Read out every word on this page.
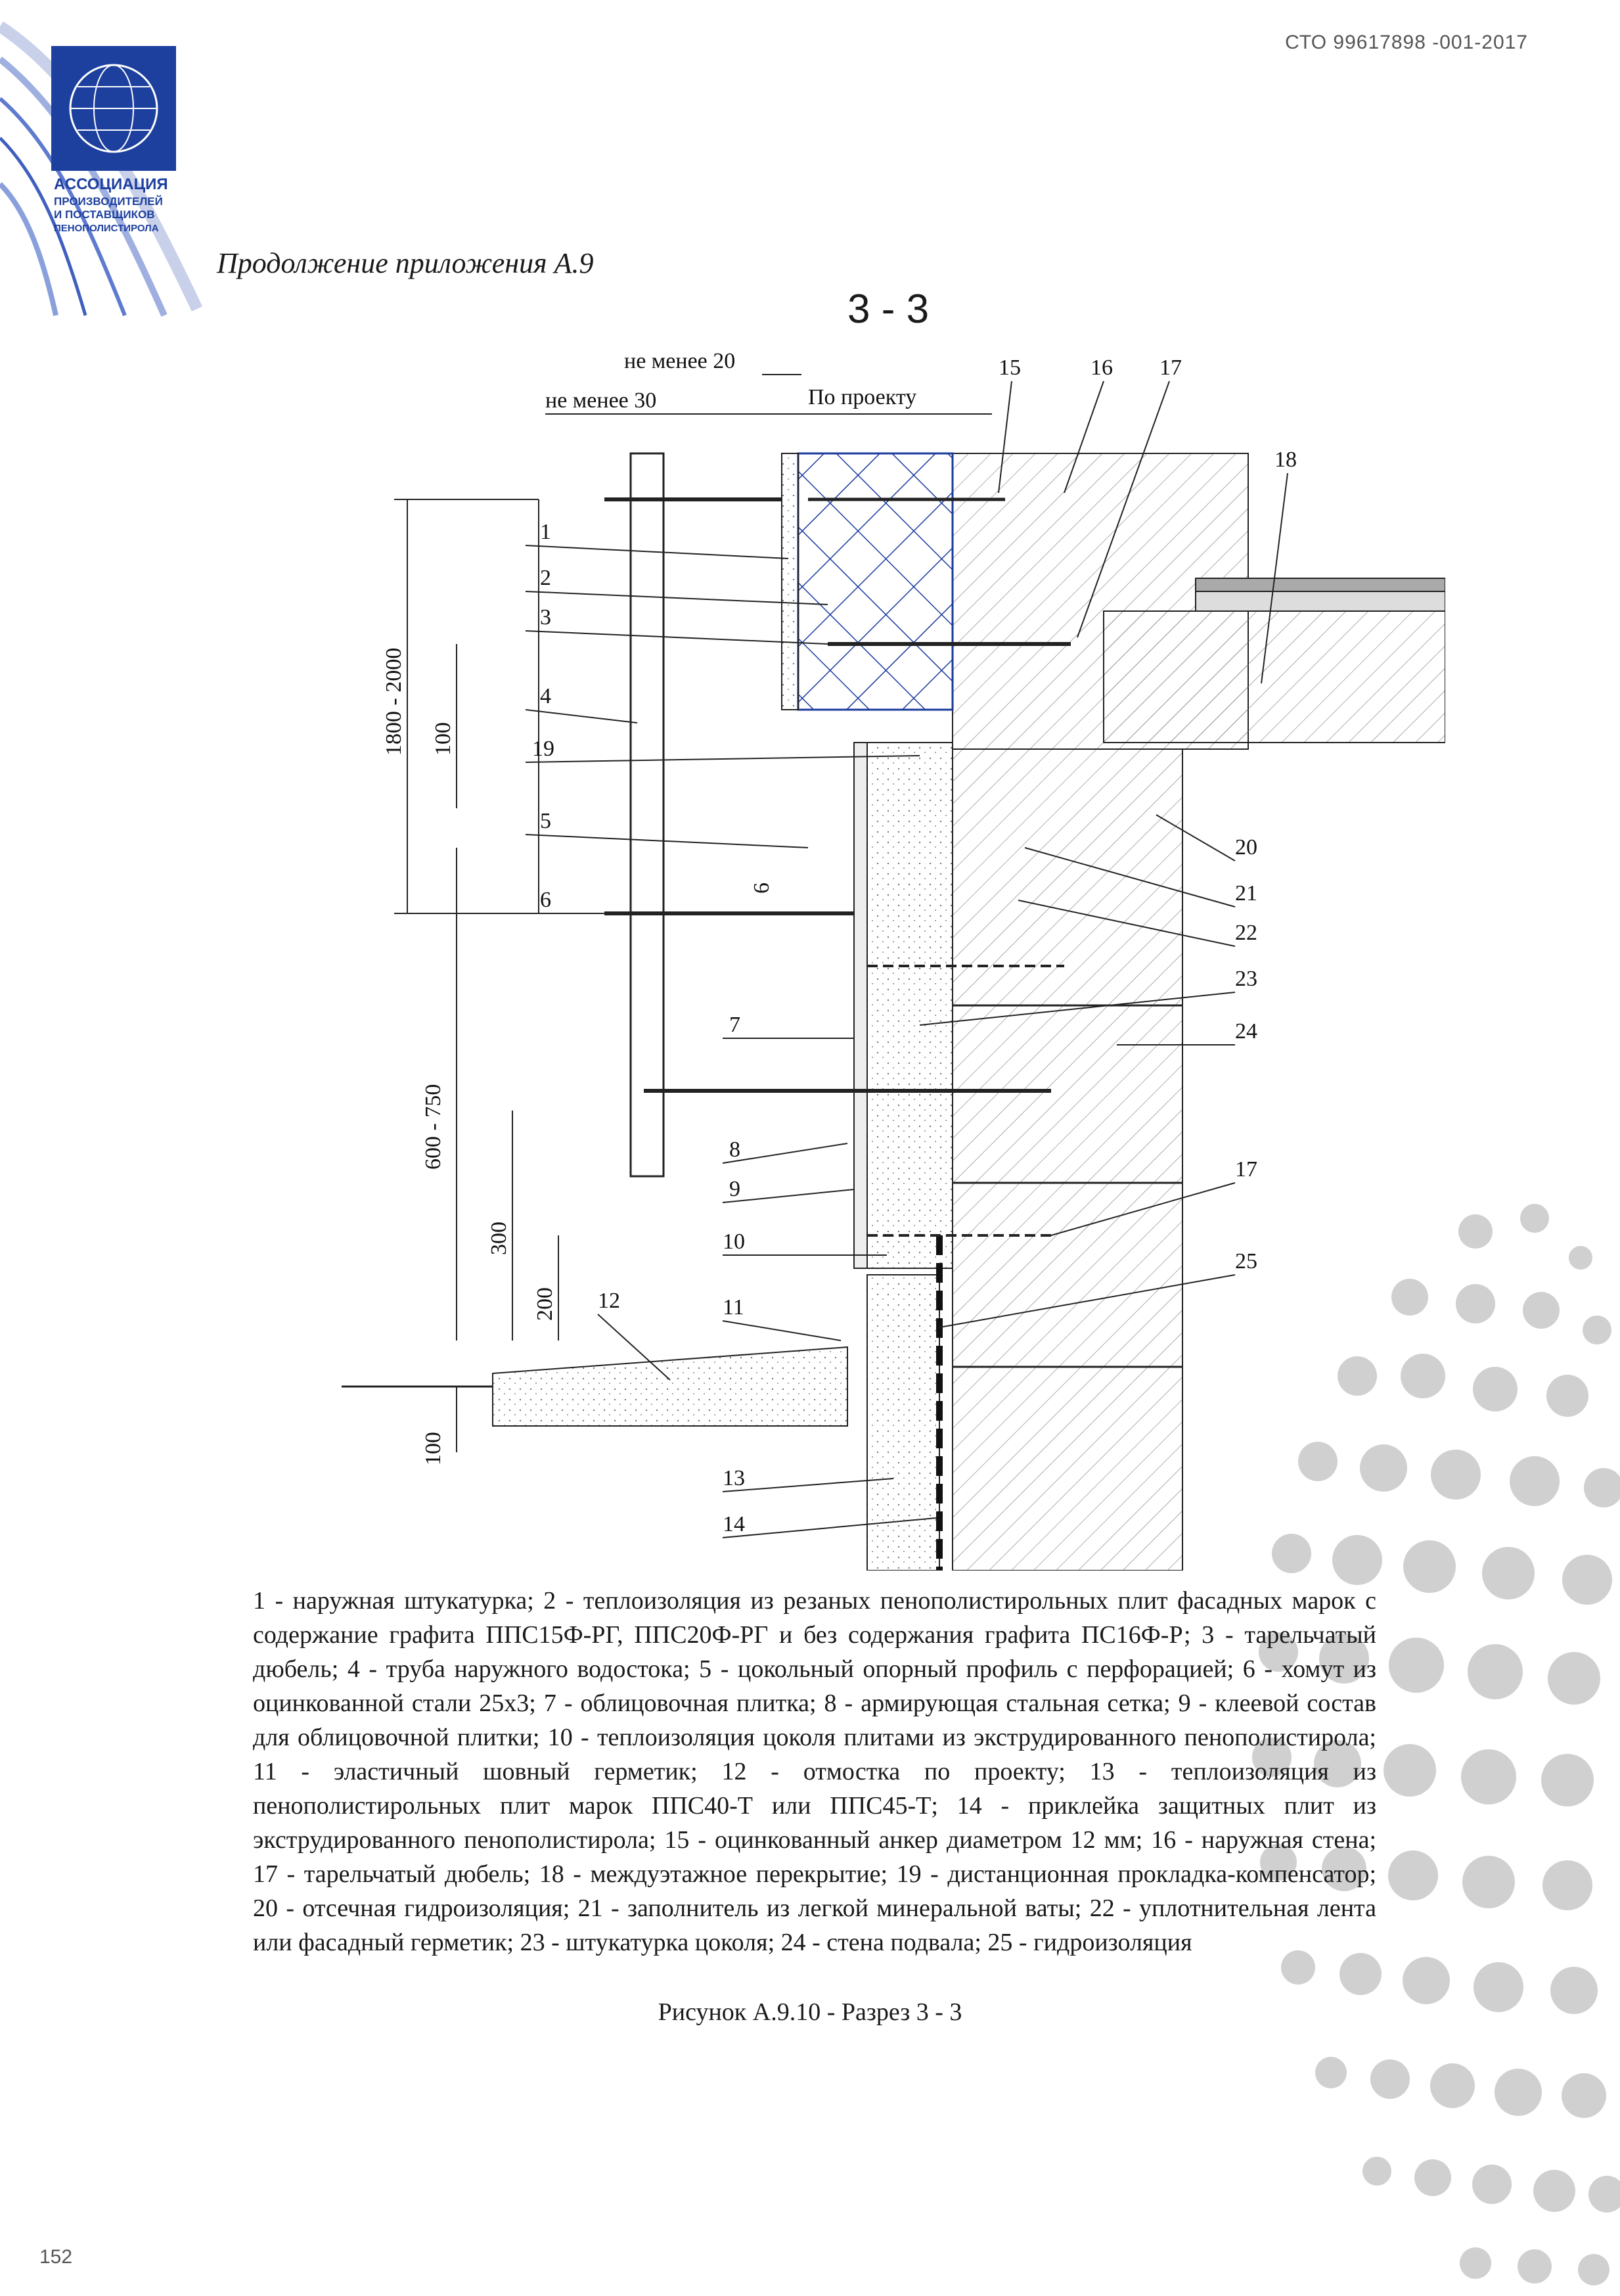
АССОЦИАЦИЯ
ПРОИЗВОДИТЕЛЕЙ
И ПОСТАВЩИКОВ
ПЕНОПОЛИСТИРОЛА
СТО 99617898 -001-2017
Продолжение приложения А.9
3 - 3
не менее 30
не менее 20
По проекту
1800 - 2000 100
600 - 750
300
200
100
6
1
2
3
4
19
5
6
7
8
9
10
11
12
13
14
15	16 17
18
20
21
22
23
24
17
25
1 - наружная штукатурка; 2 - теплоизоляция из резаных пенополистирольных плит фасадных марок с содержание графита ППС15Ф-РГ, ППС20Ф-РГ и без содержания графита ПС16Ф-Р; 3 - тарельчатый дюбель; 4 - труба наружного водостока; 5 - цокольный опорный профиль с перфорацией; 6 - хомут из оцинкованной стали 25х3; 7 - облицовочная плитка; 8 - армирующая стальная сетка; 9 - клеевой состав для облицовочной плитки; 10 - теплоизоляция цоколя плитами из экструдированного пенополистирола; 11 - эластичный шовный герметик; 12 - отмостка по проекту; 13 - теплоизоляция из пенополистирольных плит марок ППС40-Т или ППС45-Т; 14 - приклейка защитных плит из экструдированного пенополистирола; 15 - оцинкованный анкер диаметром 12 мм; 16 - наружная стена; 17 - тарельчатый дюбель; 18 - междуэтажное перекрытие; 19 - дистанционная прокладка-компенсатор; 20 - отсечная гидроизоляция; 21 - заполнитель из легкой минеральной ваты; 22 - уплотнительная лента или фасадный герметик; 23 - штукатурка цоколя; 24 - стена подвала; 25 - гидроизоляция
Рисунок А.9.10 - Разрез 3 - 3
152
